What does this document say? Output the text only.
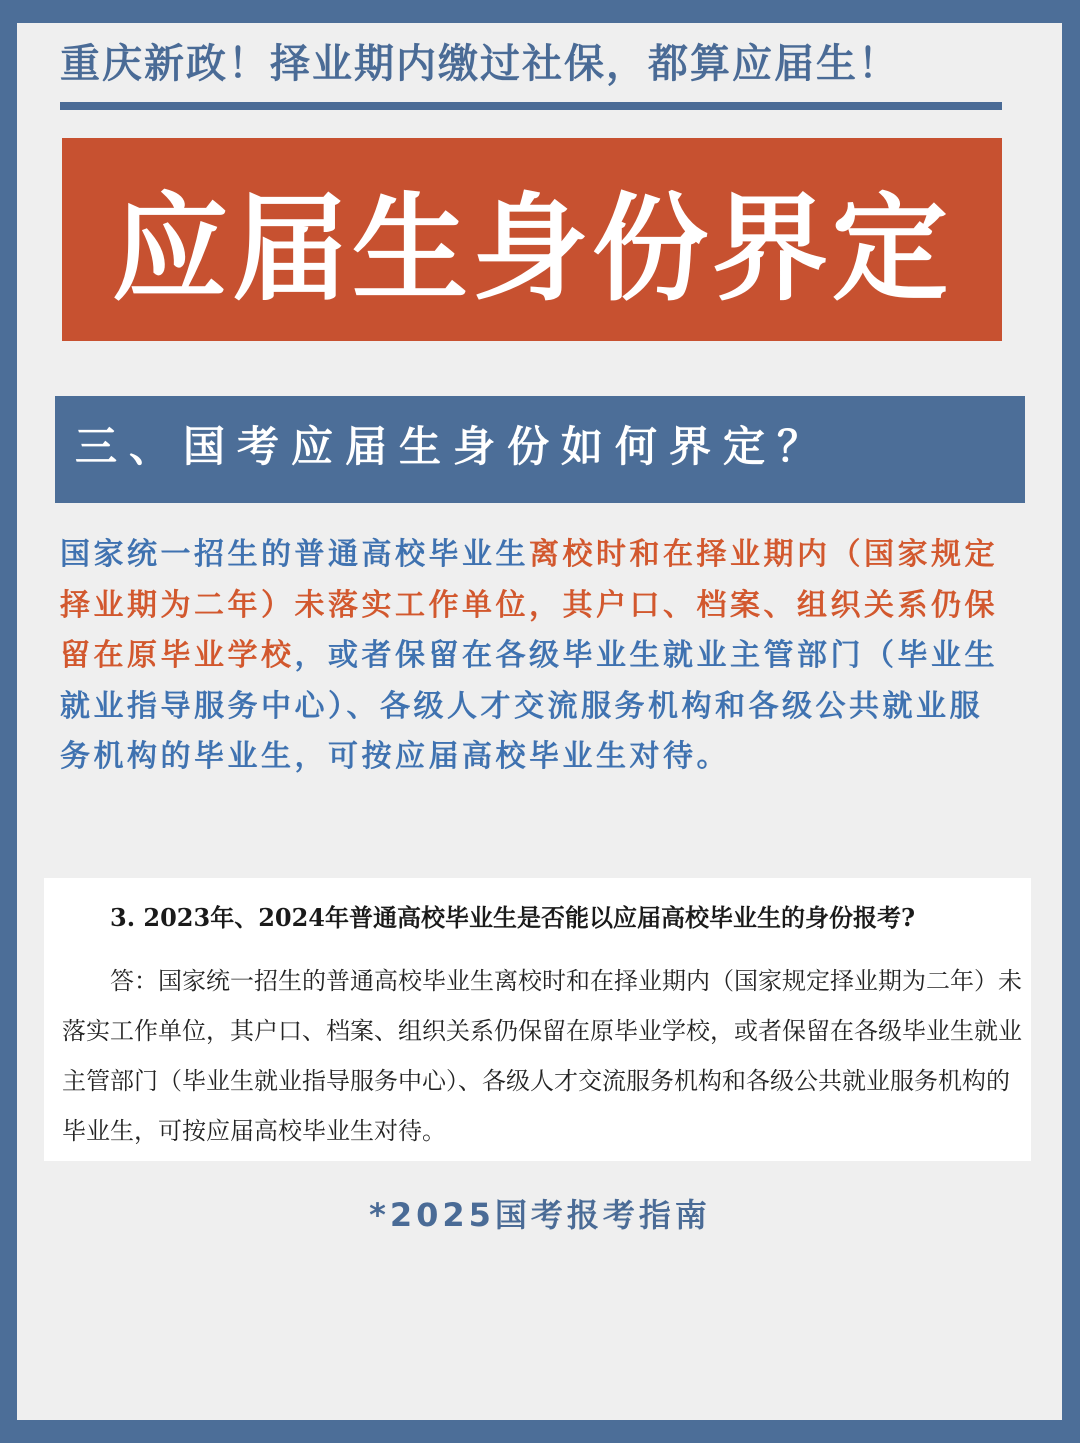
重庆新政！择业期内缴过社保，都算应届生！
应届生身份界定
三、国考应届生身份如何界定？
国家统一招生的普通高校毕业生离校时和在择业期内（国家规定择业期为二年）未落实工作单位，其户口、档案、组织关系仍保留在原毕业学校，或者保留在各级毕业生就业主管部门（毕业生就业指导服务中心）、各级人才交流服务机构和各级公共就业服务机构的毕业生，可按应届高校毕业生对待。
3. 2023年、2024年普通高校毕业生是否能以应届高校毕业生的身份报考?
答：国家统一招生的普通高校毕业生离校时和在择业期内（国家规定择业期为二年）未落实工作单位，其户口、档案、组织关系仍保留在原毕业学校，或者保留在各级毕业生就业主管部门（毕业生就业指导服务中心）、各级人才交流服务机构和各级公共就业服务机构的毕业生，可按应届高校毕业生对待。
*2025国考报考指南
